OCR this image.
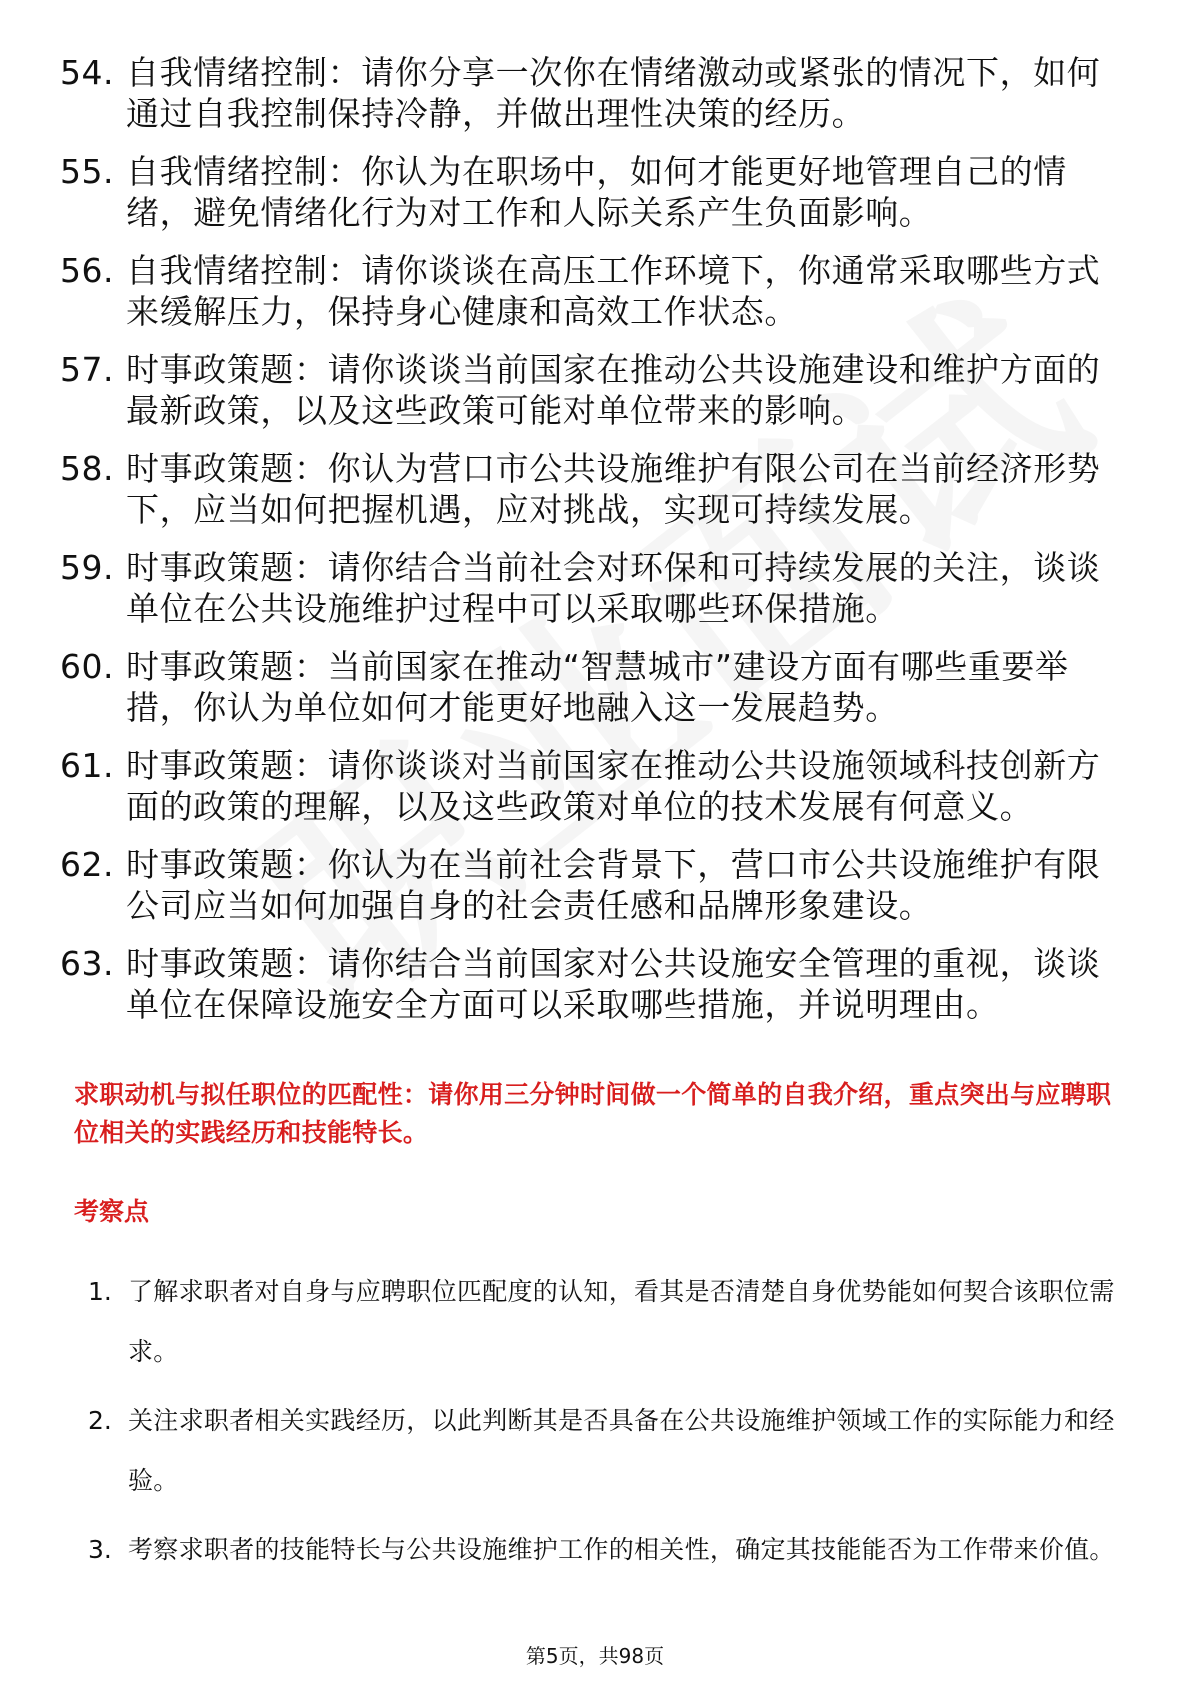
54. 自我情绪控制：请你分享一次你在情绪激动或紧张的情况下，如何通过自我控制保持冷静，并做出理性决策的经历。
55. 自我情绪控制：你认为在职场中，如何才能更好地管理自己的情绪，避免情绪化行为对工作和人际关系产生负面影响。
56. 自我情绪控制：请你谈谈在高压工作环境下，你通常采取哪些方式来缓解压力，保持身心健康和高效工作状态。
57. 时事政策题：请你谈谈当前国家在推动公共设施建设和维护方面的最新政策，以及这些政策可能对单位带来的影响。
58. 时事政策题：你认为营口市公共设施维护有限公司在当前经济形势下，应当如何把握机遇，应对挑战，实现可持续发展。
59. 时事政策题：请你结合当前社会对环保和可持续发展的关注，谈谈单位在公共设施维护过程中可以采取哪些环保措施。
60. 时事政策题：当前国家在推动“智慧城市”建设方面有哪些重要举措，你认为单位如何才能更好地融入这一发展趋势。
61. 时事政策题：请你谈谈对当前国家在推动公共设施领域科技创新方面的政策的理解，以及这些政策对单位的技术发展有何意义。
62. 时事政策题：你认为在当前社会背景下，营口市公共设施维护有限公司应当如何加强自身的社会责任感和品牌形象建设。
63. 时事政策题：请你结合当前国家对公共设施安全管理的重视，谈谈单位在保障设施安全方面可以采取哪些措施，并说明理由。
求职动机与拟任职位的匹配性：请你用三分钟时间做一个简单的自我介绍，重点突出与应聘职位相关的实践经历和技能特长。
考察点
1. 了解求职者对自身与应聘职位匹配度的认知，看其是否清楚自身优势能如何契合该职位需求。
2. 关注求职者相关实践经历，以此判断其是否具备在公共设施维护领域工作的实际能力和经验。
3. 考察求职者的技能特长与公共设施维护工作的相关性，确定其技能能否为工作带来价值。
第5页，共98页
